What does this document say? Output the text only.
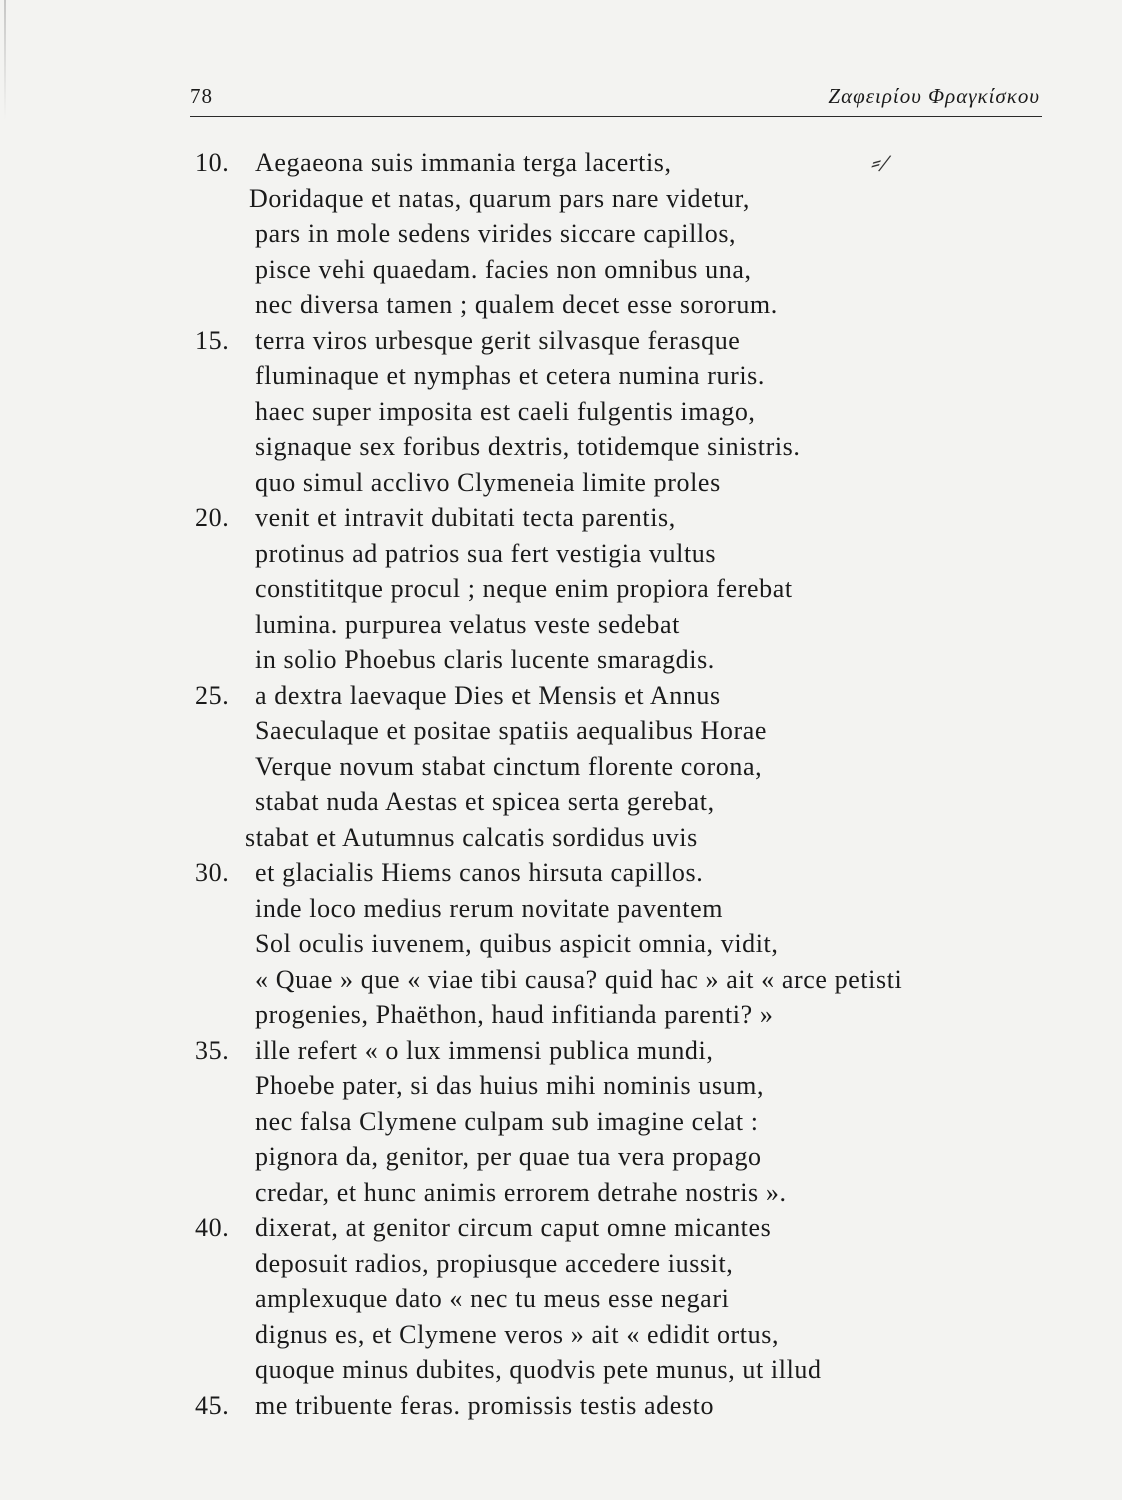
78	Ζαφειρίου Φραγκίσκου
⸗/
10. Aegaeona suis immania terga lacertis,
Doridaque et natas, quarum pars nare videtur,
pars in mole sedens virides siccare capillos,
pisce vehi quaedam. facies non omnibus una,
nec diversa tamen ; qualem decet esse sororum.
15. terra viros urbesque gerit silvasque ferasque
fluminaque et nymphas et cetera numina ruris.
haec super imposita est caeli fulgentis imago,
signaque sex foribus dextris, totidemque sinistris.
quo simul acclivo Clymeneia limite proles
20. venit et intravit dubitati tecta parentis,
protinus ad patrios sua fert vestigia vultus
constititque procul ; neque enim propiora ferebat
lumina. purpurea velatus veste sedebat
in solio Phoebus claris lucente smaragdis.
25. a dextra laevaque Dies et Mensis et Annus
Saeculaque et positae spatiis aequalibus Horae
Verque novum stabat cinctum florente corona,
stabat nuda Aestas et spicea serta gerebat,
stabat et Autumnus calcatis sordidus uvis
30. et glacialis Hiems canos hirsuta capillos.
inde loco medius rerum novitate paventem
Sol oculis iuvenem, quibus aspicit omnia, vidit,
« Quae » que « viae tibi causa? quid hac » ait « arce petisti
progenies, Phaëthon, haud infitianda parenti? »
35. ille refert « o lux immensi publica mundi,
Phoebe pater, si das huius mihi nominis usum,
nec falsa Clymene culpam sub imagine celat :
pignora da, genitor, per quae tua vera propago
credar, et hunc animis errorem detrahe nostris ».
40. dixerat, at genitor circum caput omne micantes
deposuit radios, propiusque accedere iussit,
amplexuque dato « nec tu meus esse negari
dignus es, et Clymene veros » ait « edidit ortus,
quoque minus dubites, quodvis pete munus, ut illud
45. me tribuente feras. promissis testis adesto
